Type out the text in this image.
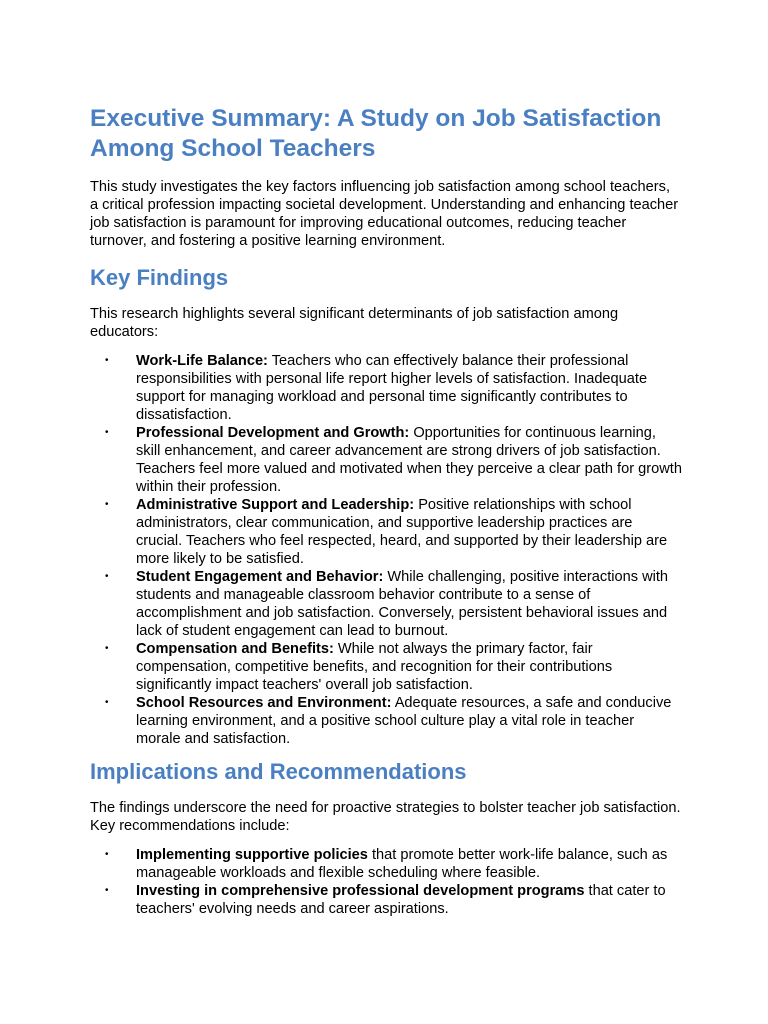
Executive Summary: A Study on Job Satisfaction Among School Teachers

This study investigates the key factors influencing job satisfaction among school teachers, a critical profession impacting societal development. Understanding and enhancing teacher job satisfaction is paramount for improving educational outcomes, reducing teacher turnover, and fostering a positive learning environment.

Key Findings

This research highlights several significant determinants of job satisfaction among educators:

• Work-Life Balance: Teachers who can effectively balance their professional responsibilities with personal life report higher levels of satisfaction. Inadequate support for managing workload and personal time significantly contributes to dissatisfaction.
• Professional Development and Growth: Opportunities for continuous learning, skill enhancement, and career advancement are strong drivers of job satisfaction. Teachers feel more valued and motivated when they perceive a clear path for growth within their profession.
• Administrative Support and Leadership: Positive relationships with school administrators, clear communication, and supportive leadership practices are crucial. Teachers who feel respected, heard, and supported by their leadership are more likely to be satisfied.
• Student Engagement and Behavior: While challenging, positive interactions with students and manageable classroom behavior contribute to a sense of accomplishment and job satisfaction. Conversely, persistent behavioral issues and lack of student engagement can lead to burnout.
• Compensation and Benefits: While not always the primary factor, fair compensation, competitive benefits, and recognition for their contributions significantly impact teachers' overall job satisfaction.
• School Resources and Environment: Adequate resources, a safe and conducive learning environment, and a positive school culture play a vital role in teacher morale and satisfaction.
Implications and Recommendations

The findings underscore the need for proactive strategies to bolster teacher job satisfaction. Key recommendations include:

• Implementing supportive policies that promote better work-life balance, such as manageable workloads and flexible scheduling where feasible.
• Investing in comprehensive professional development programs that cater to teachers' evolving needs and career aspirations.
